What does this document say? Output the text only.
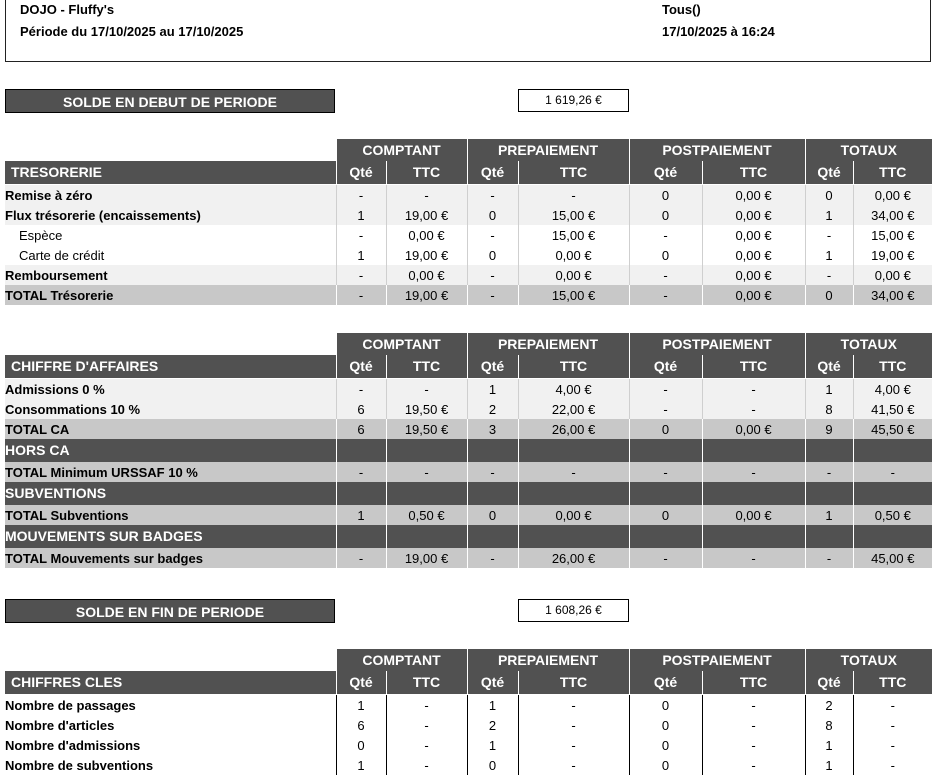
DOJO - Fluffy's
Période du 17/10/2025 au 17/10/2025
Tous()
17/10/2025 à 16:24
SOLDE EN DEBUT DE PERIODE	1 619,26 €
	COMPTANT		PREPAIEMENT		POSTPAIEMENT		TOTAUX	
TRESORERIE	Qté	TTC	Qté	TTC	Qté	TTC	Qté	TTC
Remise à zéro	-	-	-	-	0	0,00 €	0	0,00 €
Flux trésorerie (encaissements)	1	19,00 €	0	15,00 €	0	0,00 €	1	34,00 €
Espèce	-	0,00 €	-	15,00 €	-	0,00 €	-	15,00 €
Carte de crédit	1	19,00 €	0	0,00 €	0	0,00 €	1	19,00 €
Remboursement	-	0,00 €	-	0,00 €	-	0,00 €	-	0,00 €
TOTAL Trésorerie	-	19,00 €	-	15,00 €	-	0,00 €	0	34,00 €
	COMPTANT		PREPAIEMENT		POSTPAIEMENT		TOTAUX	
CHIFFRE D'AFFAIRES	Qté	TTC	Qté	TTC	Qté	TTC	Qté	TTC
Admissions 0 %	-	-	1	4,00 €	-	-	1	4,00 €
Consommations 10 %	6	19,50 €	2	22,00 €	-	-	8	41,50 €
TOTAL CA	6	19,50 €	3	26,00 €	0	0,00 €	9	45,50 €
HORS CA								
TOTAL Minimum URSSAF 10 %	-	-	-	-	-	-	-	-
SUBVENTIONS								
TOTAL Subventions	1	0,50 €	0	0,00 €	0	0,00 €	1	0,50 €
MOUVEMENTS SUR BADGES								
TOTAL Mouvements sur badges	-	19,00 €	-	26,00 €	-	-	-	45,00 €
SOLDE EN FIN DE PERIODE	1 608,26 €
	COMPTANT		PREPAIEMENT		POSTPAIEMENT		TOTAUX	
CHIFFRES CLES	Qté	TTC	Qté	TTC	Qté	TTC	Qté	TTC
Nombre de passages	1	-	1	-	0	-	2	-
Nombre d'articles	6	-	2	-	0	-	8	-
Nombre d'admissions	0	-	1	-	0	-	1	-
Nombre de subventions	1	-	0	-	0	-	1	-
